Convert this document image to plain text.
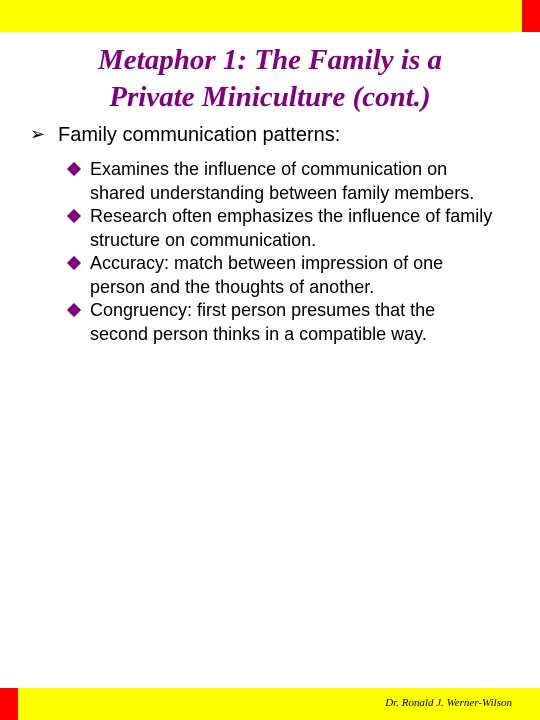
Metaphor 1: The Family is a
Private Miniculture (cont.)
➢ Family communication patterns:
Examines the influence of communication on shared understanding between family members.
Research often emphasizes the influence of family structure on communication.
Accuracy: match between impression of one person and the thoughts of another.
Congruency: first person presumes that the second person thinks in a compatible way.
Dr. Ronald J. Werner-Wilson
